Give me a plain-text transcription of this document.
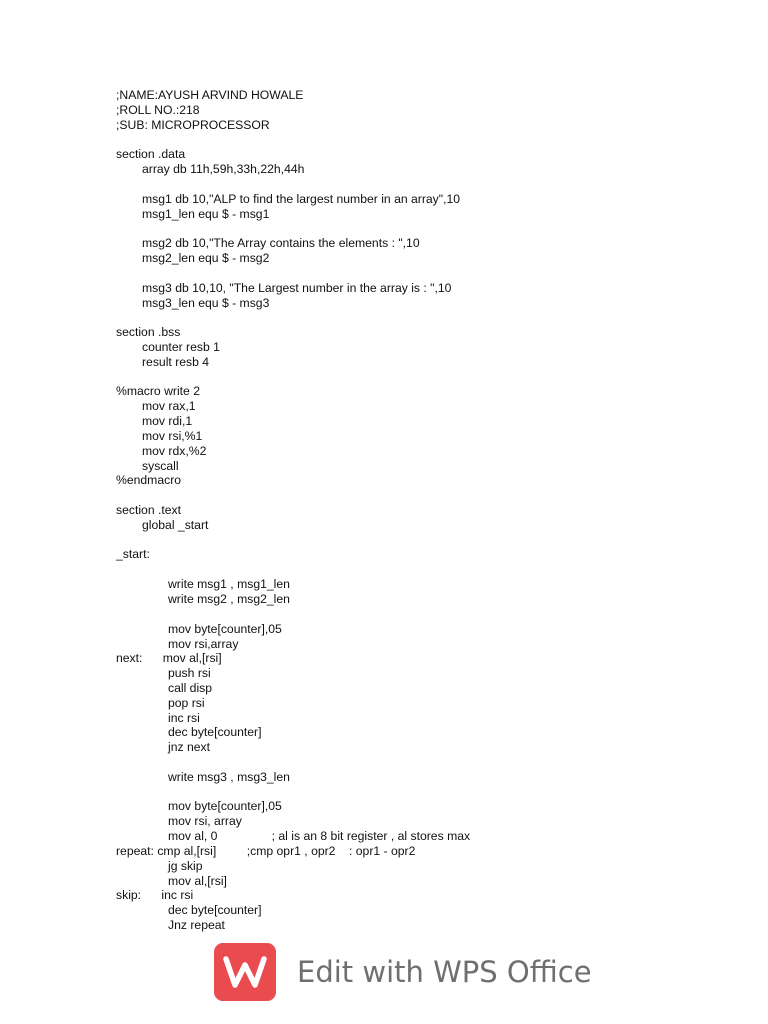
;NAME:AYUSH ARVIND HOWALE
;ROLL NO.:218
;SUB: MICROPROCESSOR
section .data
array db 11h,59h,33h,22h,44h
msg1 db 10,"ALP to find the largest number in an array",10
msg1_len equ $ - msg1
msg2 db 10,"The Array contains the elements : ",10
msg2_len equ $ - msg2
msg3 db 10,10, "The Largest number in the array is : ",10
msg3_len equ $ - msg3
section .bss
counter resb 1
result resb 4
%macro write 2
mov rax,1
mov rdi,1
mov rsi,%1
mov rdx,%2
syscall
%endmacro
section .text
global _start
_start:
write msg1 , msg1_len
write msg2 , msg2_len
mov byte[counter],05
mov rsi,array
next:      mov al,[rsi]
push rsi
call disp
pop rsi
inc rsi
dec byte[counter]
jnz next
write msg3 , msg3_len
mov byte[counter],05
mov rsi, array
mov al, 0                ; al is an 8 bit register , al stores max
repeat: cmp al,[rsi]         ;cmp opr1 , opr2    : opr1 - opr2
jg skip
mov al,[rsi]
skip:      inc rsi
dec byte[counter]
Jnz repeat
Edit with WPS Office
